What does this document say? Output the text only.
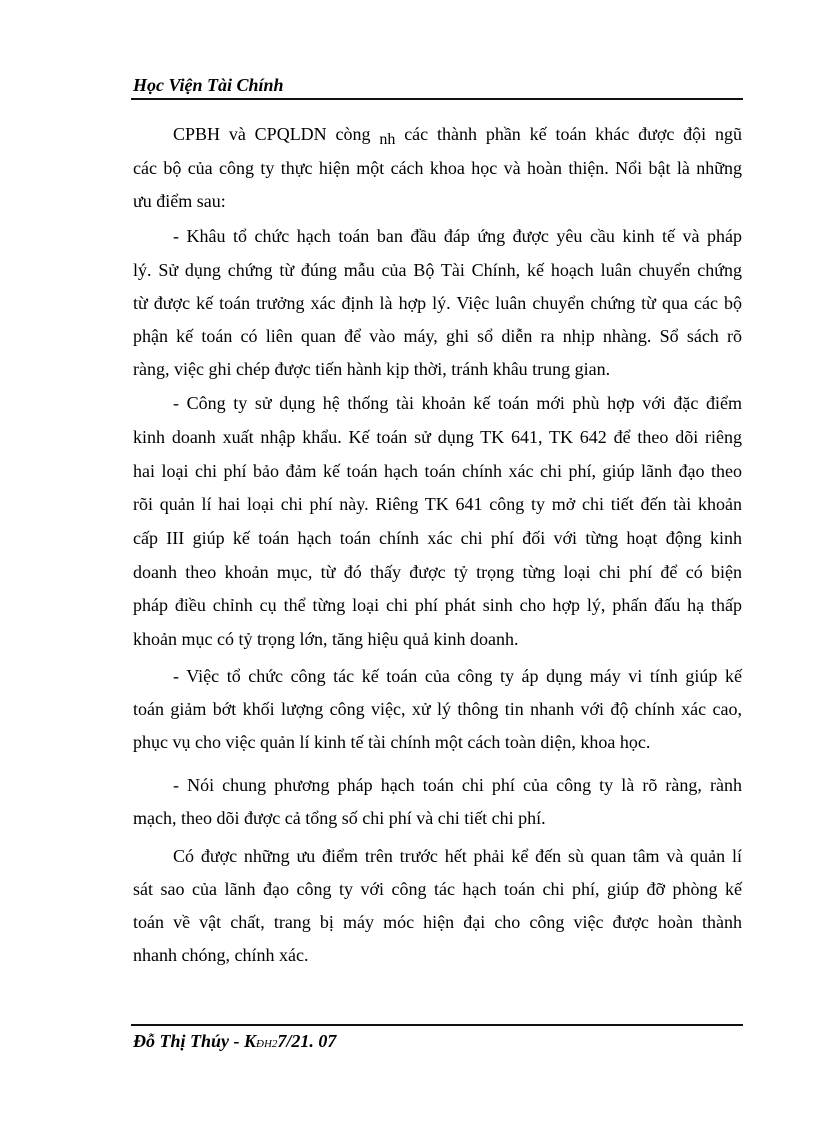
Học Viện Tài Chính
CPBH và CPQLDN còng nh các thành phần kế toán khác được đội ngũ
các bộ của công ty thực hiện một cách khoa học và hoàn thiện. Nổi bật là những
ưu điểm sau:
- Khâu tổ chức hạch toán ban đầu đáp ứng được yêu cầu kinh tế và pháp
lý. Sử dụng chứng từ đúng mẫu của Bộ Tài Chính, kế hoạch luân chuyển chứng
từ được kế toán trưởng xác định là hợp lý. Việc luân chuyển chứng từ qua các bộ
phận kế toán có liên quan để vào máy, ghi sổ diễn ra nhịp nhàng. Sổ sách rõ
ràng, việc ghi chép được tiến hành kịp thời, tránh khâu trung gian.
- Công ty sử dụng hệ thống tài khoản kế toán mới phù hợp với đặc điểm
kinh doanh xuất nhập khẩu. Kế toán sử dụng TK 641, TK 642 để theo dõi riêng
hai loại chi phí bảo đảm kế toán hạch toán chính xác chi phí, giúp lãnh đạo theo
rõi quản lí hai loại chi phí này. Riêng TK 641 công ty mở chi tiết đến tài khoản
cấp III giúp kế toán hạch toán chính xác chi phí đối với từng hoạt động kinh
doanh theo khoản mục, từ đó thấy được tỷ trọng từng loại chi phí để có biện
pháp điều chỉnh cụ thể từng loại chi phí phát sinh cho hợp lý, phấn đấu hạ thấp
khoản mục có tỷ trọng lớn, tăng hiệu quả kinh doanh.
- Việc tổ chức công tác kế toán của công ty áp dụng máy vi tính giúp kế
toán giảm bớt khối lượng công việc, xử lý thông tin nhanh với độ chính xác cao,
phục vụ cho việc quản lí kinh tế tài chính một cách toàn diện, khoa học.
- Nói chung phương pháp hạch toán chi phí của công ty là rõ ràng, rành
mạch, theo dõi được cả tổng số chi phí và chi tiết chi phí.
Có được những ưu điểm trên trước hết phải kể đến sù quan tâm và quản lí
sát sao của lãnh đạo công ty với công tác hạch toán chi phí, giúp đỡ phòng kế
toán về vật chất, trang bị máy móc hiện đại cho công việc được hoàn thành
nhanh chóng, chính xác.
Đỗ Thị Thúy - KĐH27/21. 07
